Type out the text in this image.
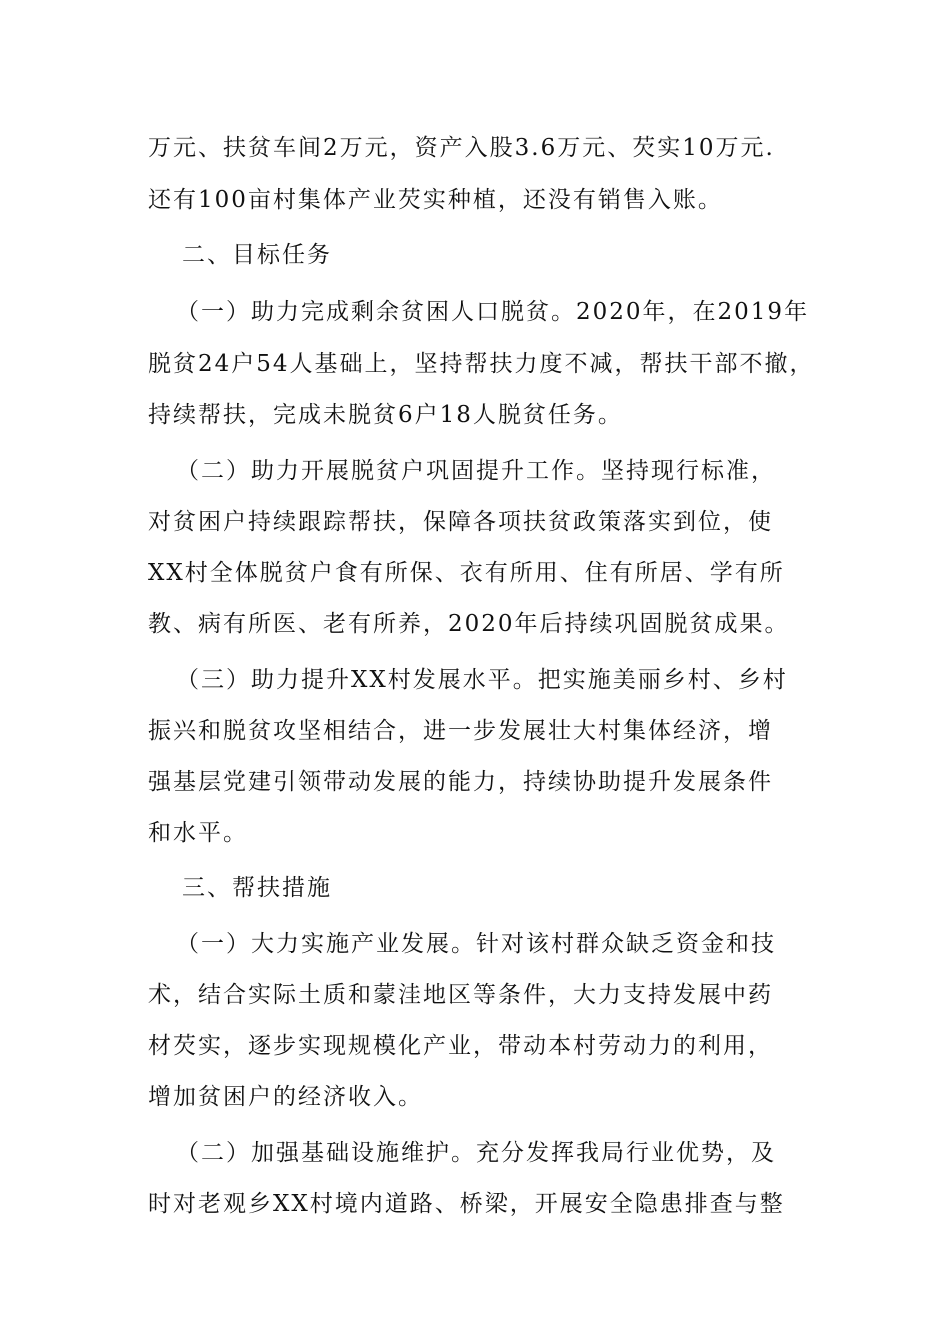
万元、扶贫车间2万元，资产入股3.6万元、芡实10万元.
还有100亩村集体产业芡实种植，还没有销售入账。
二、目标任务
（一）助力完成剩余贫困人口脱贫。2020年，在2019年
脱贫24户54人基础上，坚持帮扶力度不减，帮扶干部不撤，
持续帮扶，完成未脱贫6户18人脱贫任务。
（二）助力开展脱贫户巩固提升工作。坚持现行标准，
对贫困户持续跟踪帮扶，保障各项扶贫政策落实到位，使
XX村全体脱贫户食有所保、衣有所用、住有所居、学有所
教、病有所医、老有所养，2020年后持续巩固脱贫成果。
（三）助力提升XX村发展水平。把实施美丽乡村、乡村
振兴和脱贫攻坚相结合，进一步发展壮大村集体经济，增
强基层党建引领带动发展的能力，持续协助提升发展条件
和水平。
三、帮扶措施
（一）大力实施产业发展。针对该村群众缺乏资金和技
术，结合实际土质和蒙洼地区等条件，大力支持发展中药
材芡实，逐步实现规模化产业，带动本村劳动力的利用，
增加贫困户的经济收入。
（二）加强基础设施维护。充分发挥我局行业优势，及
时对老观乡XX村境内道路、桥梁，开展安全隐患排查与整
